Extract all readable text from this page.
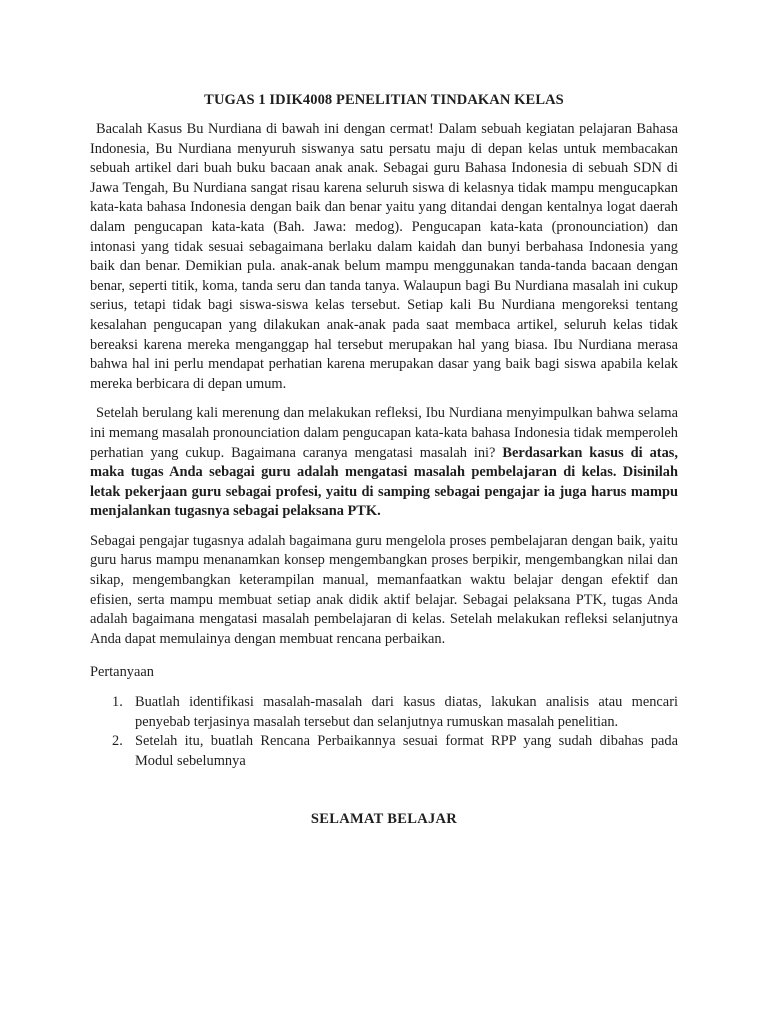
TUGAS 1 IDIK4008 PENELITIAN TINDAKAN KELAS

Bacalah Kasus Bu Nurdiana di bawah ini dengan cermat! Dalam sebuah kegiatan pelajaran Bahasa Indonesia, Bu Nurdiana menyuruh siswanya satu persatu maju di depan kelas untuk membacakan sebuah artikel dari buah buku bacaan anak anak. Sebagai guru Bahasa Indonesia di sebuah SDN di Jawa Tengah, Bu Nurdiana sangat risau karena seluruh siswa di kelasnya tidak mampu mengucapkan kata-kata bahasa Indonesia dengan baik dan benar yaitu yang ditandai dengan kentalnya logat daerah dalam pengucapan kata-kata (Bah. Jawa: medog). Pengucapan kata-kata (pronounciation) dan intonasi yang tidak sesuai sebagaimana berlaku dalam kaidah dan bunyi berbahasa Indonesia yang baik dan benar. Demikian pula. anak-anak belum mampu menggunakan tanda-tanda bacaan dengan benar, seperti titik, koma, tanda seru dan tanda tanya. Walaupun bagi Bu Nurdiana masalah ini cukup serius, tetapi tidak bagi siswa-siswa kelas tersebut. Setiap kali Bu Nurdiana mengoreksi tentang kesalahan pengucapan yang dilakukan anak-anak pada saat membaca artikel, seluruh kelas tidak bereaksi karena mereka menganggap hal tersebut merupakan hal yang biasa. Ibu Nurdiana merasa bahwa hal ini perlu mendapat perhatian karena merupakan dasar yang baik bagi siswa apabila kelak mereka berbicara di depan umum.

Setelah berulang kali merenung dan melakukan refleksi, Ibu Nurdiana menyimpulkan bahwa selama ini memang masalah pronounciation dalam pengucapan kata-kata bahasa Indonesia tidak memperoleh perhatian yang cukup. Bagaimana caranya mengatasi masalah ini? Berdasarkan kasus di atas, maka tugas Anda sebagai guru adalah mengatasi masalah pembelajaran di kelas. Disinilah letak pekerjaan guru sebagai profesi, yaitu di samping sebagai pengajar ia juga harus mampu menjalankan tugasnya sebagai pelaksana PTK.

Sebagai pengajar tugasnya adalah bagaimana guru mengelola proses pembelajaran dengan baik, yaitu guru harus mampu menanamkan konsep mengembangkan proses berpikir, mengembangkan nilai dan sikap, mengembangkan keterampilan manual, memanfaatkan waktu belajar dengan efektif dan efisien, serta mampu membuat setiap anak didik aktif belajar. Sebagai pelaksana PTK, tugas Anda adalah bagaimana mengatasi masalah pembelajaran di kelas. Setelah melakukan refleksi selanjutnya Anda dapat memulainya dengan membuat rencana perbaikan.

Pertanyaan
1. Buatlah identifikasi masalah-masalah dari kasus diatas, lakukan analisis atau mencari penyebab terjasinya masalah tersebut dan selanjutnya rumuskan masalah penelitian.
2. Setelah itu, buatlah Rencana Perbaikannya sesuai format RPP yang sudah dibahas pada Modul sebelumnya
SELAMAT BELAJAR
